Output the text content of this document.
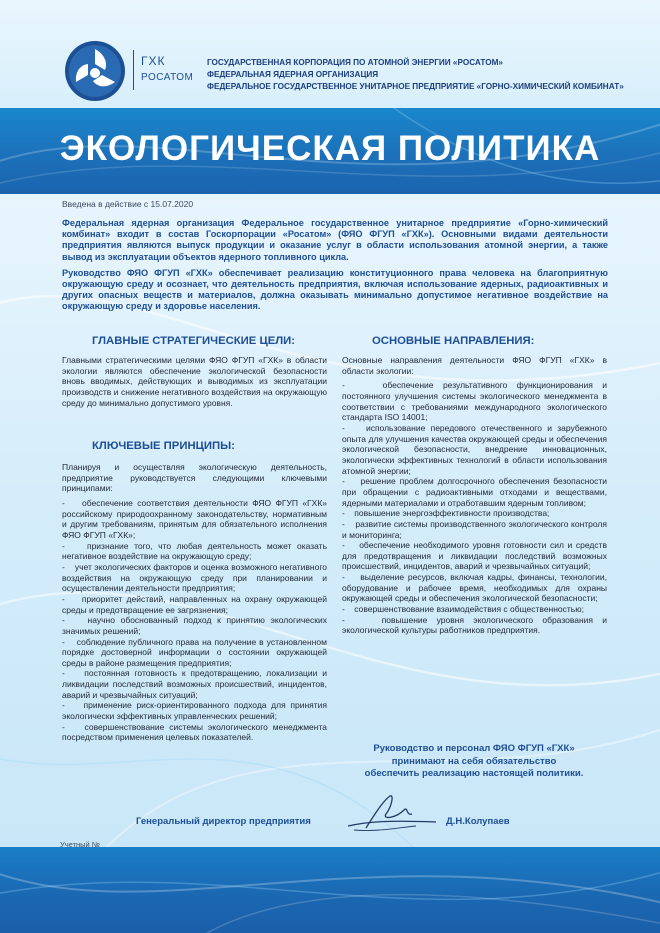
ГХК
РОСАТОМ
ГОСУДАРСТВЕННАЯ КОРПОРАЦИЯ ПО АТОМНОЙ ЭНЕРГИИ «РОСАТОМ»
ФЕДЕРАЛЬНАЯ ЯДЕРНАЯ ОРГАНИЗАЦИЯ
ФЕДЕРАЛЬНОЕ ГОСУДАРСТВЕННОЕ УНИТАРНОЕ ПРЕДПРИЯТИЕ «ГОРНО-ХИМИЧЕСКИЙ КОМБИНАТ»
ЭКОЛОГИЧЕСКАЯ ПОЛИТИКА
Введена в действие с 15.07.2020

Федеральная ядерная организация Федеральное государственное унитарное предприятие «Горно-химический комбинат» входит в состав Госкорпорации «Росатом» (ФЯО ФГУП «ГХК»). Основными видами деятельности предприятия являются выпуск продукции и оказание услуг в области использования атомной энергии, а также вывод из эксплуатации объектов ядерного топливного цикла.

Руководство ФЯО ФГУП «ГХК» обеспечивает реализацию конституционного права человека на благоприятную окружающую среду и осознает, что деятельность предприятия, включая использование ядерных, радиоактивных и других опасных веществ и материалов, должна оказывать минимально допустимое негативное воздействие на окружающую среду и здоровье населения.

ГЛАВНЫЕ СТРАТЕГИЧЕСКИЕ ЦЕЛИ:

Главными стратегическими целями ФЯО ФГУП «ГХК» в области экологии являются обеспечение экологической безопасности вновь вводимых, действующих и выводимых из эксплуатации производств и снижение негативного воздействия на окружающую среду до минимально допустимого уровня.

КЛЮЧЕВЫЕ ПРИНЦИПЫ:

Планируя и осуществляя экологическую деятельность, предприятие руководствуется следующими ключевыми принципами:

-    обеспечение соответствия деятельности ФЯО ФГУП «ГХК» российскому природоохранному законодательству, нормативным и другим требованиям, принятым для обязательного исполнения ФЯО ФГУП «ГХК»;

-    признание того, что любая деятельность может оказать негативное воздействие на окружающую среду;

-    учет экологических факторов и оценка возможного негативного воздействия на окружающую среду при планировании и осуществлении деятельности предприятия;

-    приоритет действий, направленных на охрану окружающей среды и предотвращение ее загрязнения;

-    научно обоснованный подход к принятию экологических значимых решений;

-    соблюдение публичного права на получение в установленном порядке достоверной информации о состоянии окружающей среды в районе размещения предприятия;

-    постоянная готовность к предотвращению, локализации и ликвидации последствий возможных происшествий, инцидентов, аварий и чрезвычайных ситуаций;

-    применение риск-ориентированного подхода для принятия экологически эффективных управленческих решений;

-    совершенствование системы экологического менеджмента посредством применения целевых показателей.

ОСНОВНЫЕ НАПРАВЛЕНИЯ:

Основные направления деятельности ФЯО ФГУП «ГХК» в области экологии:

-    обеспечение результативного функционирования и постоянного улучшения системы экологического менеджмента в соответствии с требованиями международного экологического стандарта ISO 14001;

-    использование передового отечественного и зарубежного опыта для улучшения качества окружающей среды и обеспечения экологической безопасности, внедрение инновационных, экологически эффективных технологий в области использования атомной энергии;

-    решение проблем долгосрочного обеспечения безопасности при обращении с радиоактивными отходами и веществами, ядерными материалами и отработавшим ядерным топливом;

-    повышение энергоэффективности производства;

-    развитие системы производственного экологического контроля и мониторинга;

-    обеспечение необходимого уровня готовности сил и средств для предотвращения и ликвидации последствий возможных происшествий, инцидентов, аварий и чрезвычайных ситуаций;

-    выделение ресурсов, включая кадры, финансы, технологии, оборудование и рабочее время, необходимых для охраны окружающей среды и обеспечения экологической безопасности;

-    совершенствование взаимодействия с общественностью;

-    повышение уровня экологического образования и экологической культуры работников предприятия.

Руководство и персонал ФЯО ФГУП «ГХК»
принимают на себя обязательство
обеспечить реализацию настоящей политики.
Генеральный директор предприятия	Д.Н.Колупаев
Учетный №
